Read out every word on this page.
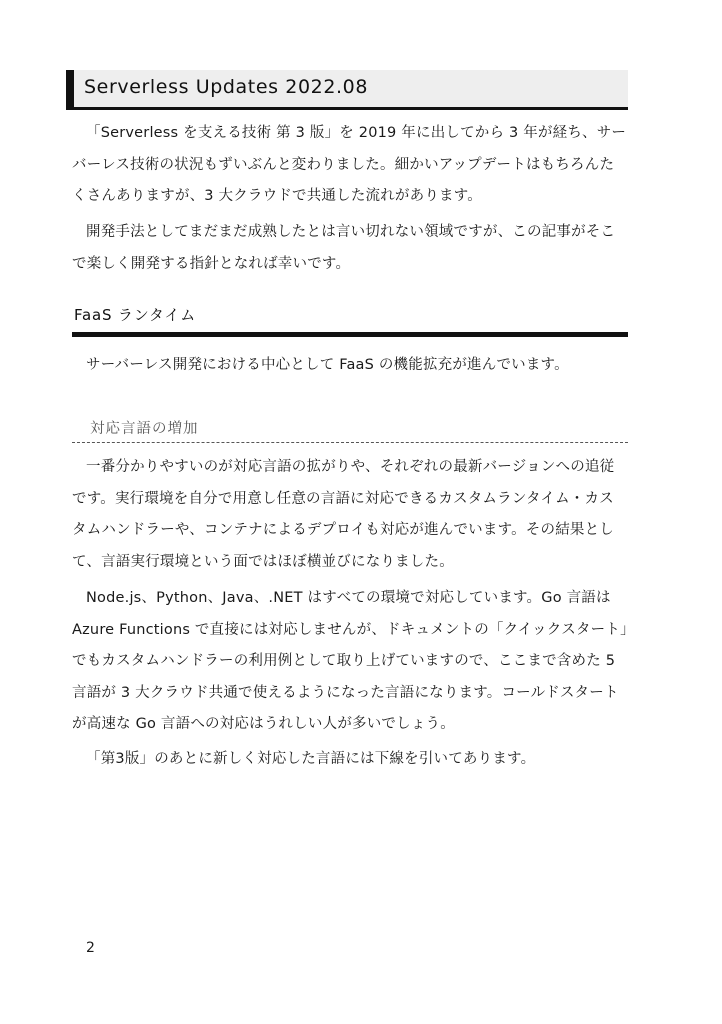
Serverless Updates 2022.08

「Serverless を支える技術 第 3 版」を 2019 年に出してから 3 年が経ち、サーバーレス技術の状況もずいぶんと変わりました。細かいアップデートはもちろんたくさんありますが、3 大クラウドで共通した流れがあります。

開発手法としてまだまだ成熟したとは言い切れない領域ですが、この記事がそこで楽しく開発する指針となれば幸いです。

FaaS ランタイム

サーバーレス開発における中心として FaaS の機能拡充が進んでいます。

対応言語の増加

一番分かりやすいのが対応言語の拡がりや、それぞれの最新バージョンへの追従です。実行環境を自分で用意し任意の言語に対応できるカスタムランタイム・カスタムハンドラーや、コンテナによるデプロイも対応が進んでいます。その結果として、言語実行環境という面ではほぼ横並びになりました。

Node.js、Python、Java、.NET はすべての環境で対応しています。Go 言語は Azure Functions で直接には対応しませんが、ドキュメントの「クイックスタート」でもカスタムハンドラーの利用例として取り上げていますので、ここまで含めた 5 言語が 3 大クラウド共通で使えるようになった言語になります。コールドスタートが高速な Go 言語への対応はうれしい人が多いでしょう。

「第3版」のあとに新しく対応した言語には下線を引いてあります。

2
